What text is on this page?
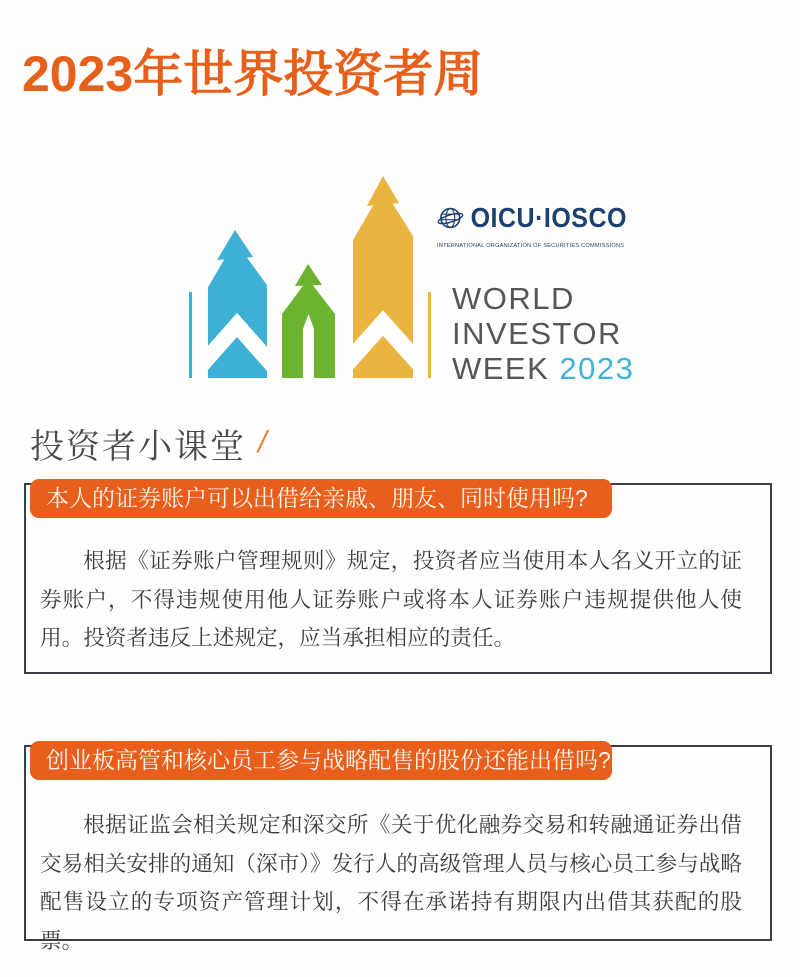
2023年世界投资者周
OICU·IOSCO
INTERNATIONAL ORGANIZATION OF SECURITIES COMMISSIONS
WORLD
INVESTOR
WEEK 2023
投资者小课堂 /
本人的证券账户可以出借给亲戚、朋友、同时使用吗?
根据《证券账户管理规则》规定，投资者应当使用本人名义开立的证券账户，不得违规使用他人证券账户或将本人证券账户违规提供他人使用。投资者违反上述规定，应当承担相应的责任。
创业板高管和核心员工参与战略配售的股份还能出借吗?
根据证监会相关规定和深交所《关于优化融券交易和转融通证券出借交易相关安排的通知（深市）》发行人的高级管理人员与核心员工参与战略配售设立的专项资产管理计划，不得在承诺持有期限内出借其获配的股票。
